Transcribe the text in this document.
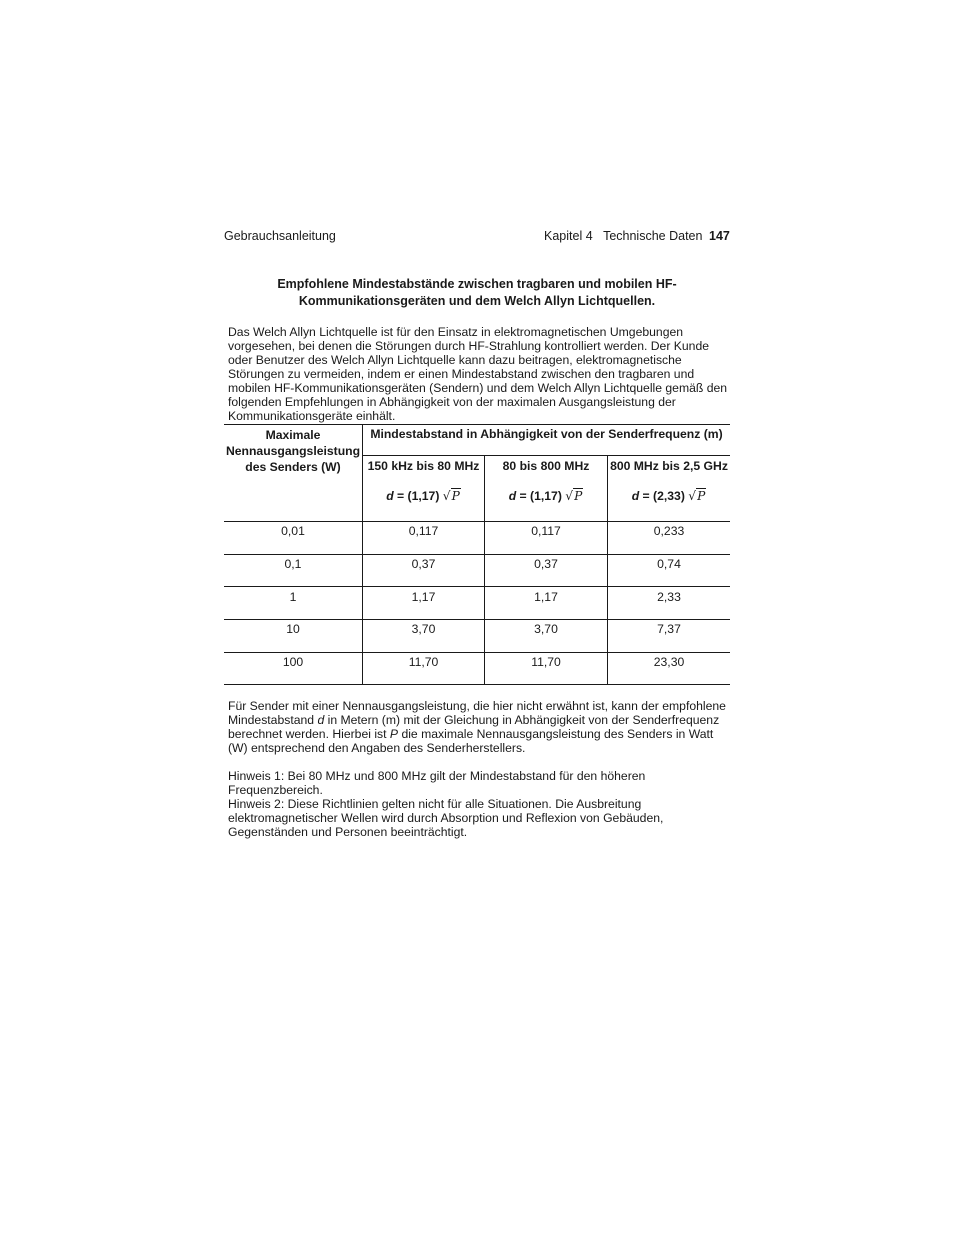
Gebrauchsanleitung	Kapitel 4 Technische Daten 147
Empfohlene Mindestabstände zwischen tragbaren und mobilen HF-
Kommunikationsgeräten und dem Welch Allyn Lichtquellen.
Das Welch Allyn Lichtquelle ist für den Einsatz in elektromagnetischen Umgebungen vorgesehen, bei denen die Störungen durch HF-Strahlung kontrolliert werden. Der Kunde oder Benutzer des Welch Allyn Lichtquelle kann dazu beitragen, elektromagnetische Störungen zu vermeiden, indem er einen Mindestabstand zwischen den tragbaren und mobilen HF-Kommunikationsgeräten (Sendern) und dem Welch Allyn Lichtquelle gemäß den folgenden Empfehlungen in Abhängigkeit von der maximalen Ausgangsleistung der Kommunikationsgeräte einhält.
Maximale
Nennausgangsleistung
des Senders (W)
Mindestabstand in Abhängigkeit von der Senderfrequenz (m)
150 kHz bis 80 MHz	80 bis 800 MHz	800 MHz bis 2,5 GHz
d = (1,17) √P	d = (1,17) √P	d = (2,33) √P
0,01	0,117	0,117	0,233
0,1	0,37	0,37	0,74
1	1,17	1,17	2,33
10	3,70	3,70	7,37
100	11,70	11,70	23,30
Für Sender mit einer Nennausgangsleistung, die hier nicht erwähnt ist, kann der empfohlene Mindestabstand d in Metern (m) mit der Gleichung in Abhängigkeit von der Senderfrequenz berechnet werden. Hierbei ist P die maximale Nennausgangsleistung des Senders in Watt (W) entsprechend den Angaben des Senderherstellers.
Hinweis 1: Bei 80 MHz und 800 MHz gilt der Mindestabstand für den höheren Frequenzbereich.
Hinweis 2: Diese Richtlinien gelten nicht für alle Situationen. Die Ausbreitung elektromagnetischer Wellen wird durch Absorption und Reflexion von Gebäuden, Gegenständen und Personen beeinträchtigt.
